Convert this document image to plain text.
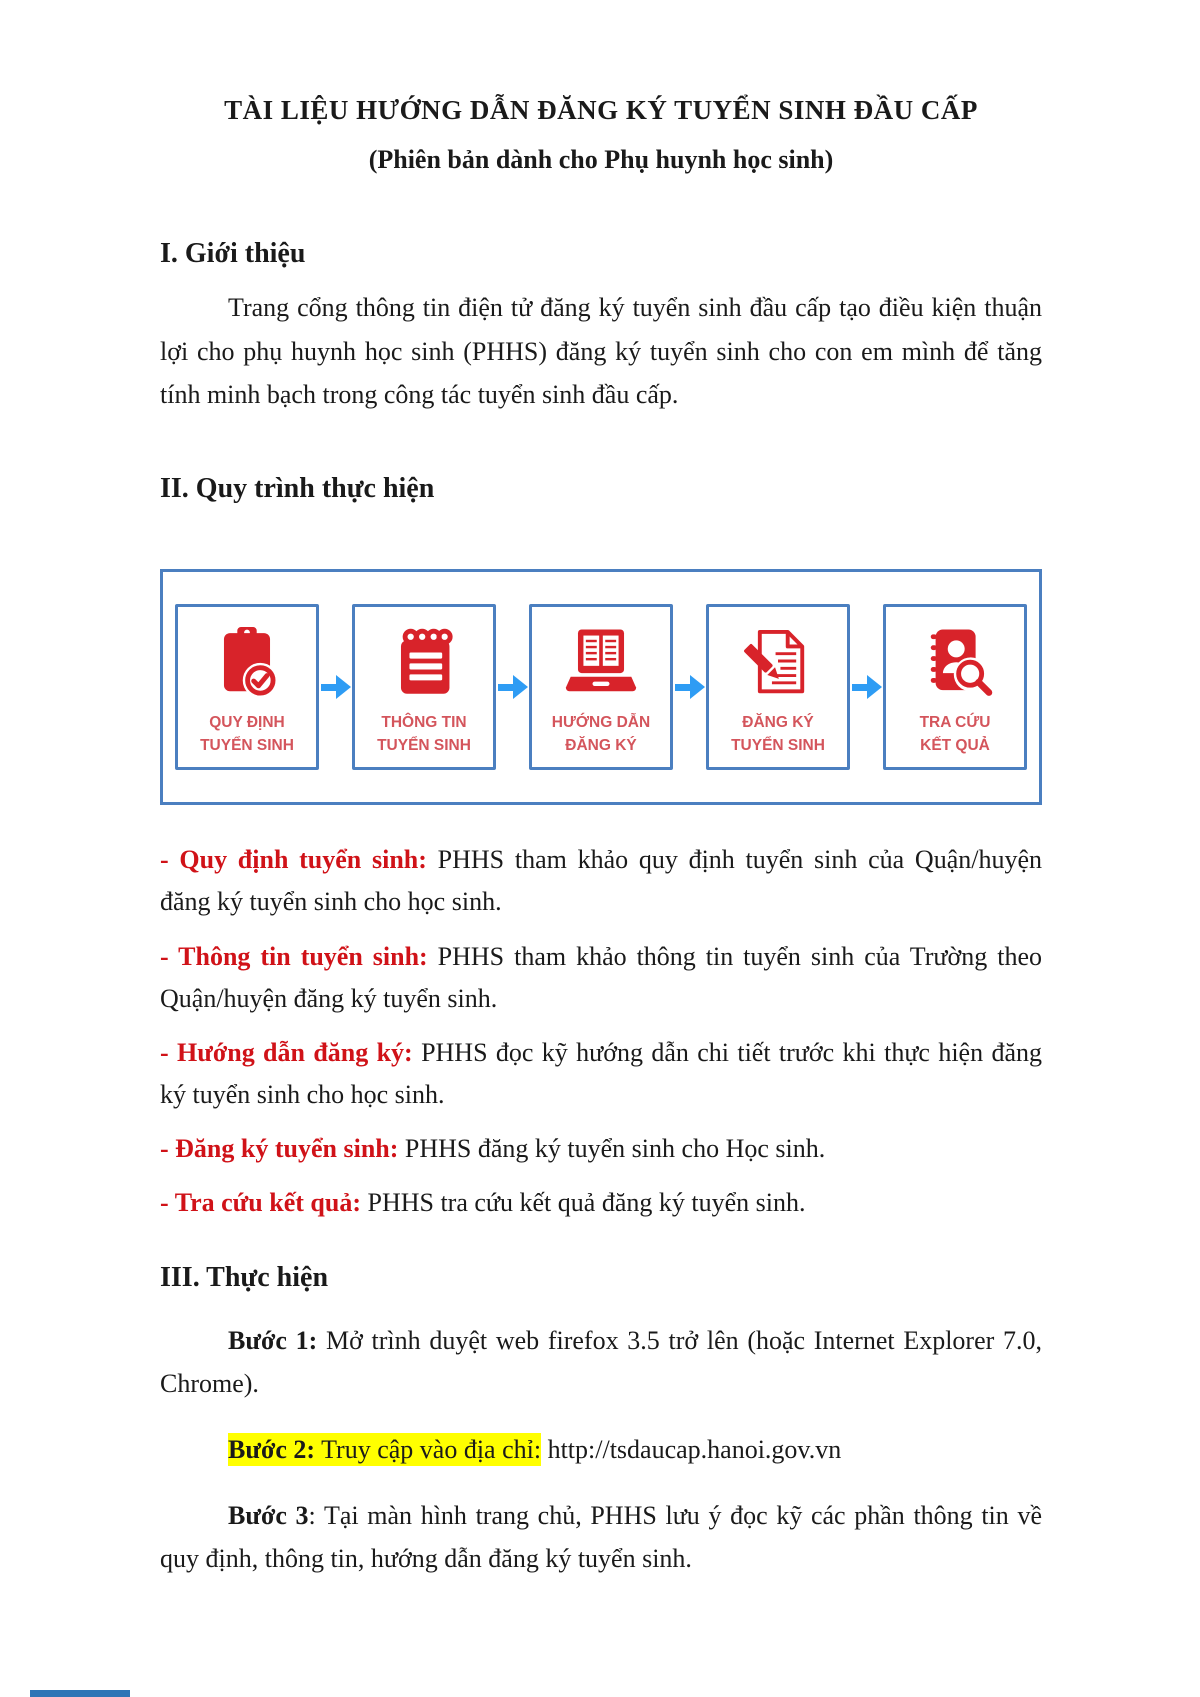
TÀI LIỆU HƯỚNG DẪN ĐĂNG KÝ TUYỂN SINH ĐẦU CẤP
(Phiên bản dành cho Phụ huynh học sinh)
I. Giới thiệu

Trang cổng thông tin điện tử đăng ký tuyển sinh đầu cấp tạo điều kiện thuận lợi cho phụ huynh học sinh (PHHS) đăng ký tuyển sinh cho con em mình để tăng tính minh bạch trong công tác tuyển sinh đầu cấp.

II. Quy trình thực hiện
QUY ĐỊNH
TUYỂN SINH
THÔNG TIN
TUYỂN SINH
HƯỚNG DẪN
ĐĂNG KÝ
ĐĂNG KÝ
TUYỂN SINH
TRA CỨU
KẾT QUẢ

- Quy định tuyển sinh: PHHS tham khảo quy định tuyển sinh của Quận/huyện đăng ký tuyển sinh cho học sinh.

- Thông tin tuyển sinh: PHHS tham khảo thông tin tuyển sinh của Trường theo Quận/huyện đăng ký tuyển sinh.

- Hướng dẫn đăng ký: PHHS đọc kỹ hướng dẫn chi tiết trước khi thực hiện đăng ký tuyển sinh cho học sinh.

- Đăng ký tuyển sinh: PHHS đăng ký tuyển sinh cho Học sinh.

- Tra cứu kết quả: PHHS tra cứu kết quả đăng ký tuyển sinh.

III. Thực hiện

Bước 1: Mở trình duyệt web firefox 3.5 trở lên (hoặc Internet Explorer 7.0, Chrome).

Bước 2: Truy cập vào địa chỉ: http://tsdaucap.hanoi.gov.vn

Bước 3: Tại màn hình trang chủ, PHHS lưu ý đọc kỹ các phần thông tin về quy định, thông tin, hướng dẫn đăng ký tuyển sinh.
